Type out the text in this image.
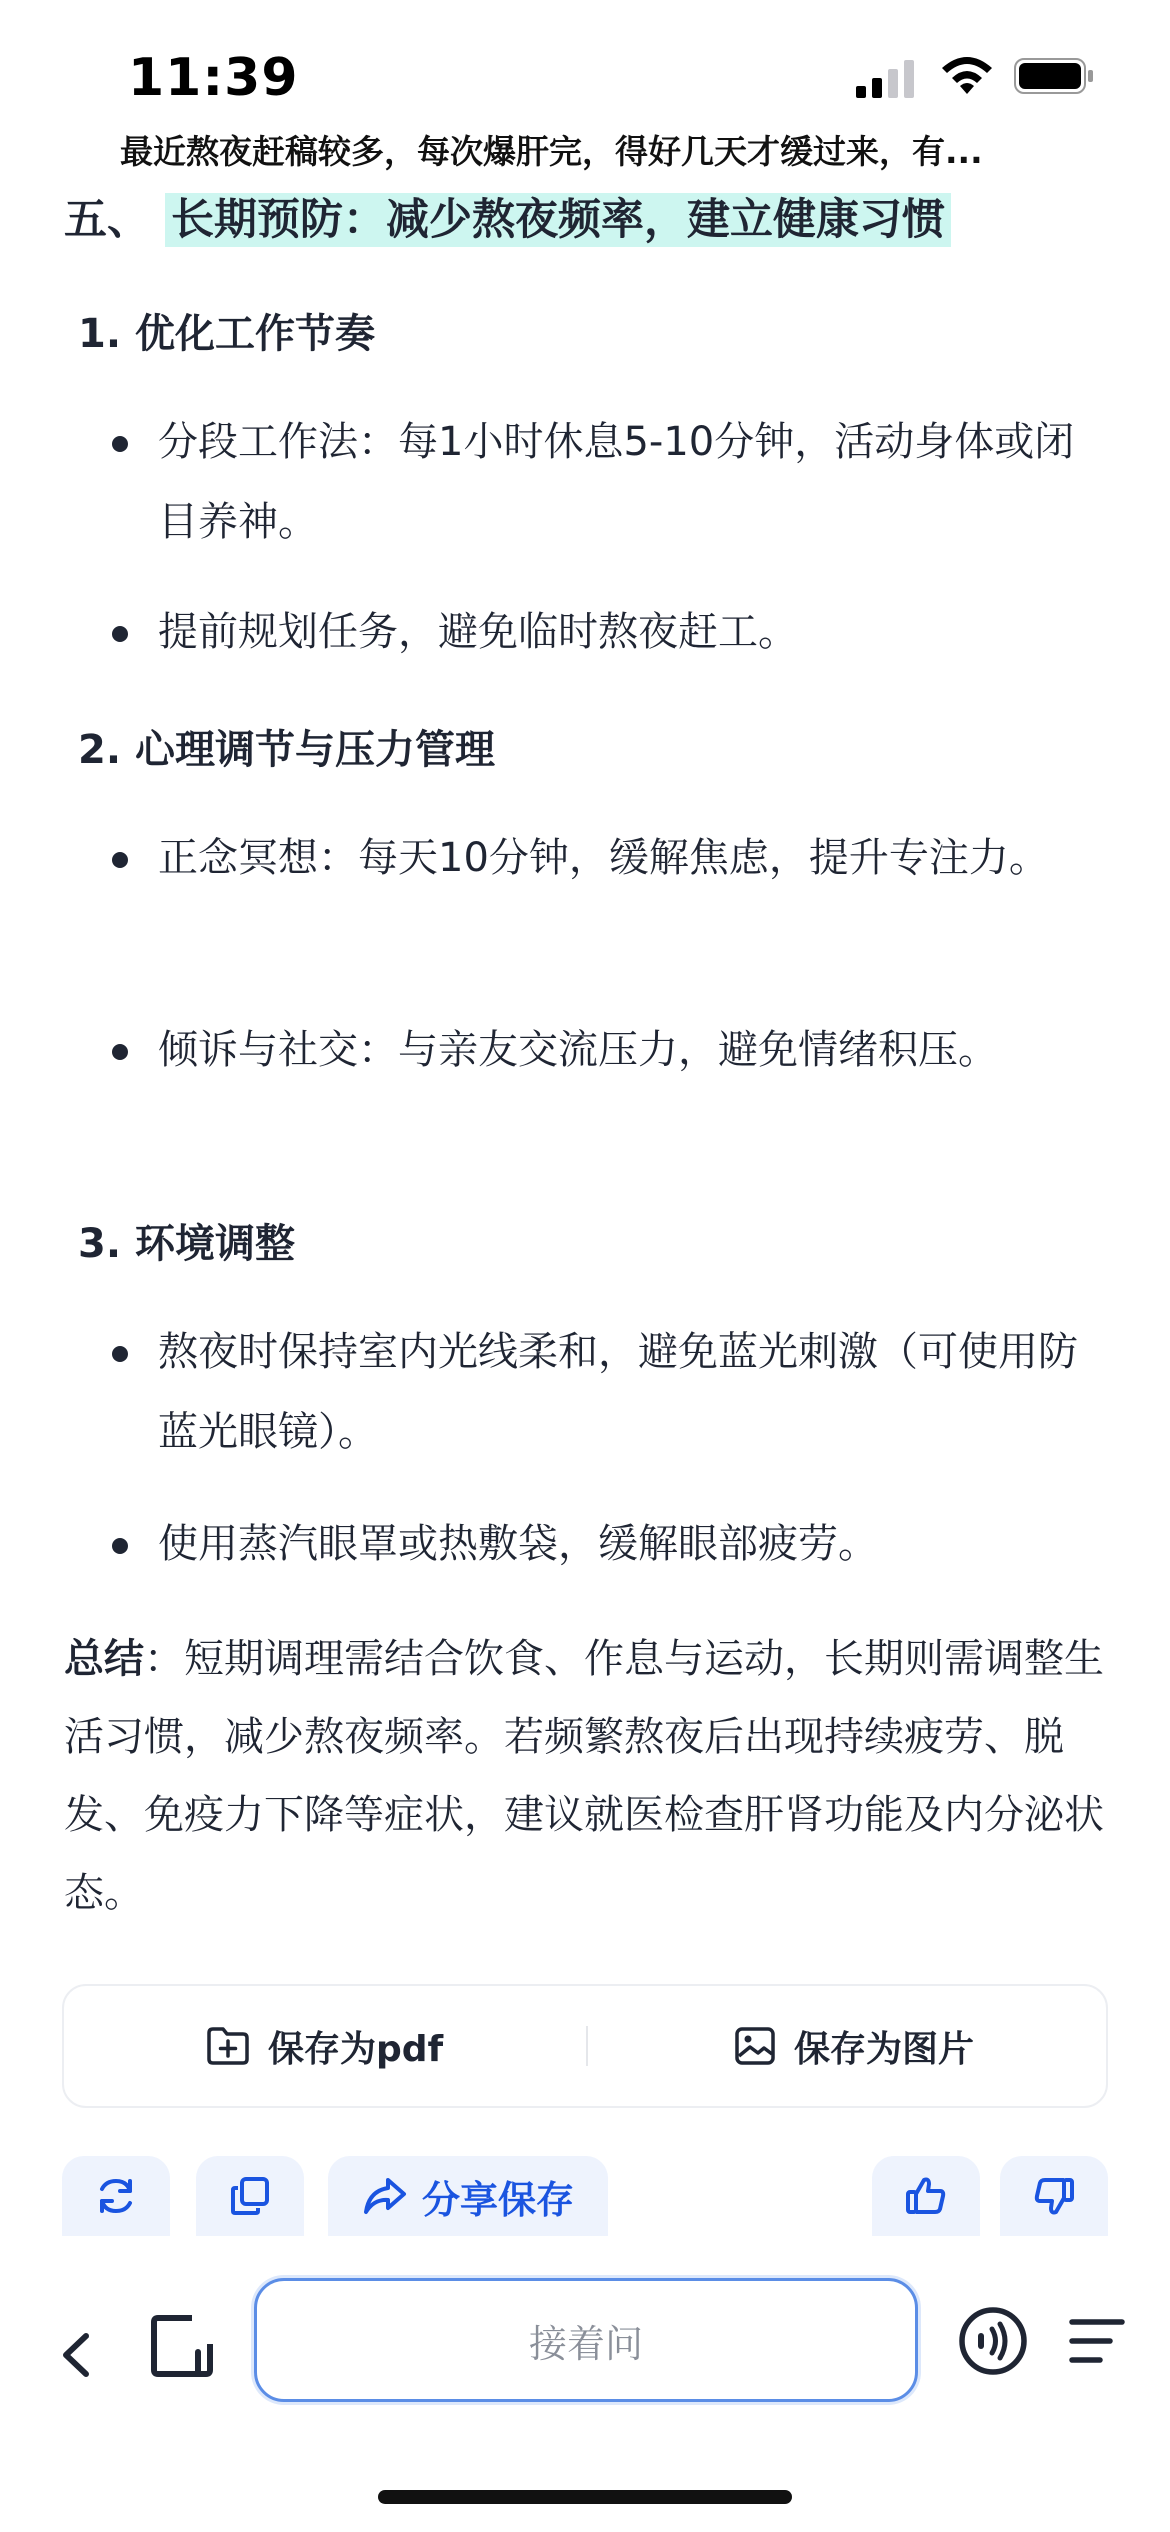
11:39
最近熬夜赶稿较多，每次爆肝完，得好几天才缓过来，有...
五、 长期预防：减少熬夜频率，建立健康习惯
1. 优化工作节奏
分段工作法：每1小时休息5-10分钟，活动身体或闭目养神。
提前规划任务，避免临时熬夜赶工。
2. 心理调节与压力管理
正念冥想：每天10分钟，缓解焦虑，提升专注力。
倾诉与社交：与亲友交流压力，避免情绪积压。
3. 环境调整
熬夜时保持室内光线柔和，避免蓝光刺激（可使用防蓝光眼镜）。
使用蒸汽眼罩或热敷袋，缓解眼部疲劳。
总结：短期调理需结合饮食、作息与运动，长期则需调整生活习惯，减少熬夜频率。若频繁熬夜后出现持续疲劳、脱发、免疫力下降等症状，建议就医检查肝肾功能及内分泌状态。
保存为pdf	保存为图片
分享保存
接着问
